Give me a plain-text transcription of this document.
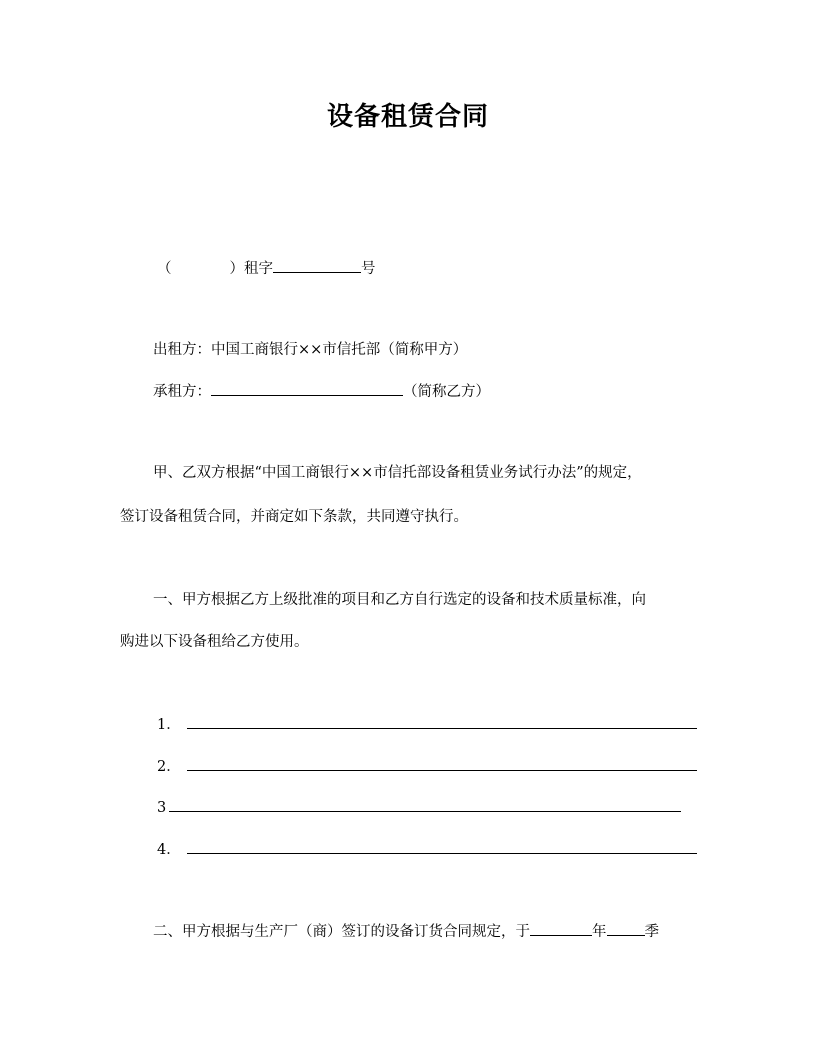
设备租赁合同
（	）租字	号
出租方：中国工商银行××市信托部（简称甲方）
承租方：	（简称乙方）
甲、乙双方根据“中国工商银行××市信托部设备租赁业务试行办法”的规定，
签订设备租赁合同，并商定如下条款，共同遵守执行。
一、甲方根据乙方上级批准的项目和乙方自行选定的设备和技术质量标准，向
购进以下设备租给乙方使用。
1．
2．
3
4．
二、甲方根据与生产厂（商）签订的设备订货合同规定，于	年	季
